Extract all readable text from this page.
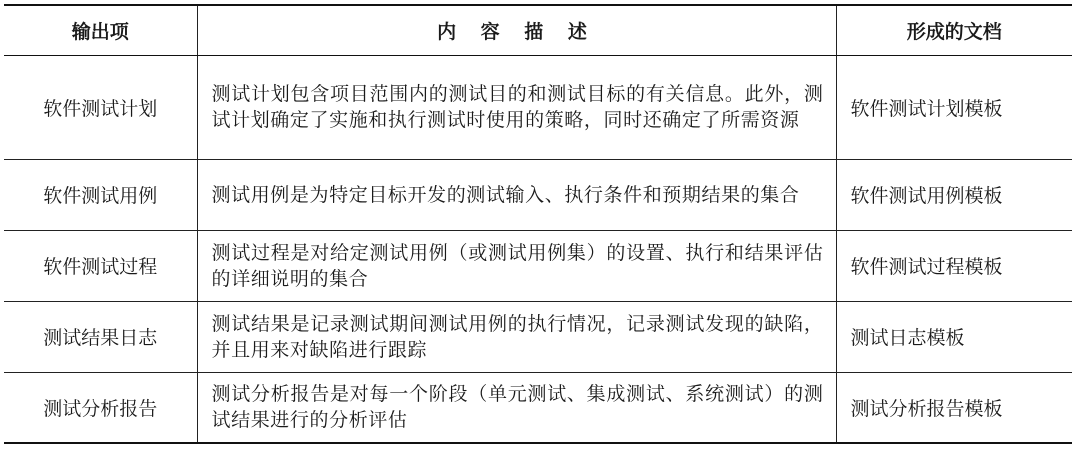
输出项	内 容 描 述	形成的文档
软件测试计划	测试计划包含项目范围内的测试目的和测试目标的有关信息。此外，测试计划确定了实施和执行测试时使用的策略，同时还确定了所需资源	软件测试计划模板
软件测试用例	测试用例是为特定目标开发的测试输入、执行条件和预期结果的集合	软件测试用例模板
软件测试过程	测试过程是对给定测试用例（或测试用例集）的设置、执行和结果评估的详细说明的集合	软件测试过程模板
测试结果日志	测试结果是记录测试期间测试用例的执行情况，记录测试发现的缺陷，并且用来对缺陷进行跟踪	测试日志模板
测试分析报告	测试分析报告是对每一个阶段（单元测试、集成测试、系统测试）的测试结果进行的分析评估	测试分析报告模板
